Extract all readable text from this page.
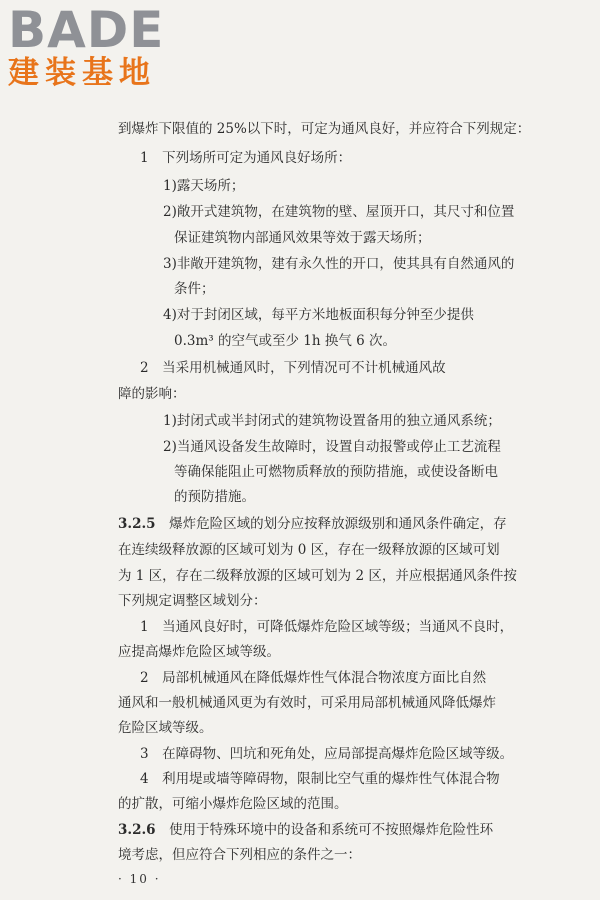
BADE
建装基地
到爆炸下限值的 25%以下时，可定为通风良好，并应符合下列规定：
1　下列场所可定为通风良好场所：
1)露天场所；
2)敞开式建筑物，在建筑物的壁、屋顶开口，其尺寸和位置
保证建筑物内部通风效果等效于露天场所；
3)非敞开建筑物，建有永久性的开口，使其具有自然通风的
条件；
4)对于封闭区域，每平方米地板面积每分钟至少提供
0.3m³ 的空气或至少 1h 换气 6 次。
2　当采用机械通风时，下列情况可不计机械通风故
障的影响：
1)封闭式或半封闭式的建筑物设置备用的独立通风系统；
2)当通风设备发生故障时，设置自动报警或停止工艺流程
等确保能阻止可燃物质释放的预防措施，或使设备断电
的预防措施。
3.2.5　爆炸危险区域的划分应按释放源级别和通风条件确定，存
在连续级释放源的区域可划为 0 区，存在一级释放源的区域可划
为 1 区，存在二级释放源的区域可划为 2 区，并应根据通风条件按
下列规定调整区域划分：
1　当通风良好时，可降低爆炸危险区域等级；当通风不良时，
应提高爆炸危险区域等级。
2　局部机械通风在降低爆炸性气体混合物浓度方面比自然
通风和一般机械通风更为有效时，可采用局部机械通风降低爆炸
危险区域等级。
· 10 ·
3　在障碍物、凹坑和死角处，应局部提高爆炸危险区域等级。
4　利用堤或墙等障碍物，限制比空气重的爆炸性气体混合物
的扩散，可缩小爆炸危险区域的范围。
3.2.6　使用于特殊环境中的设备和系统可不按照爆炸危险性环
境考虑，但应符合下列相应的条件之一：
